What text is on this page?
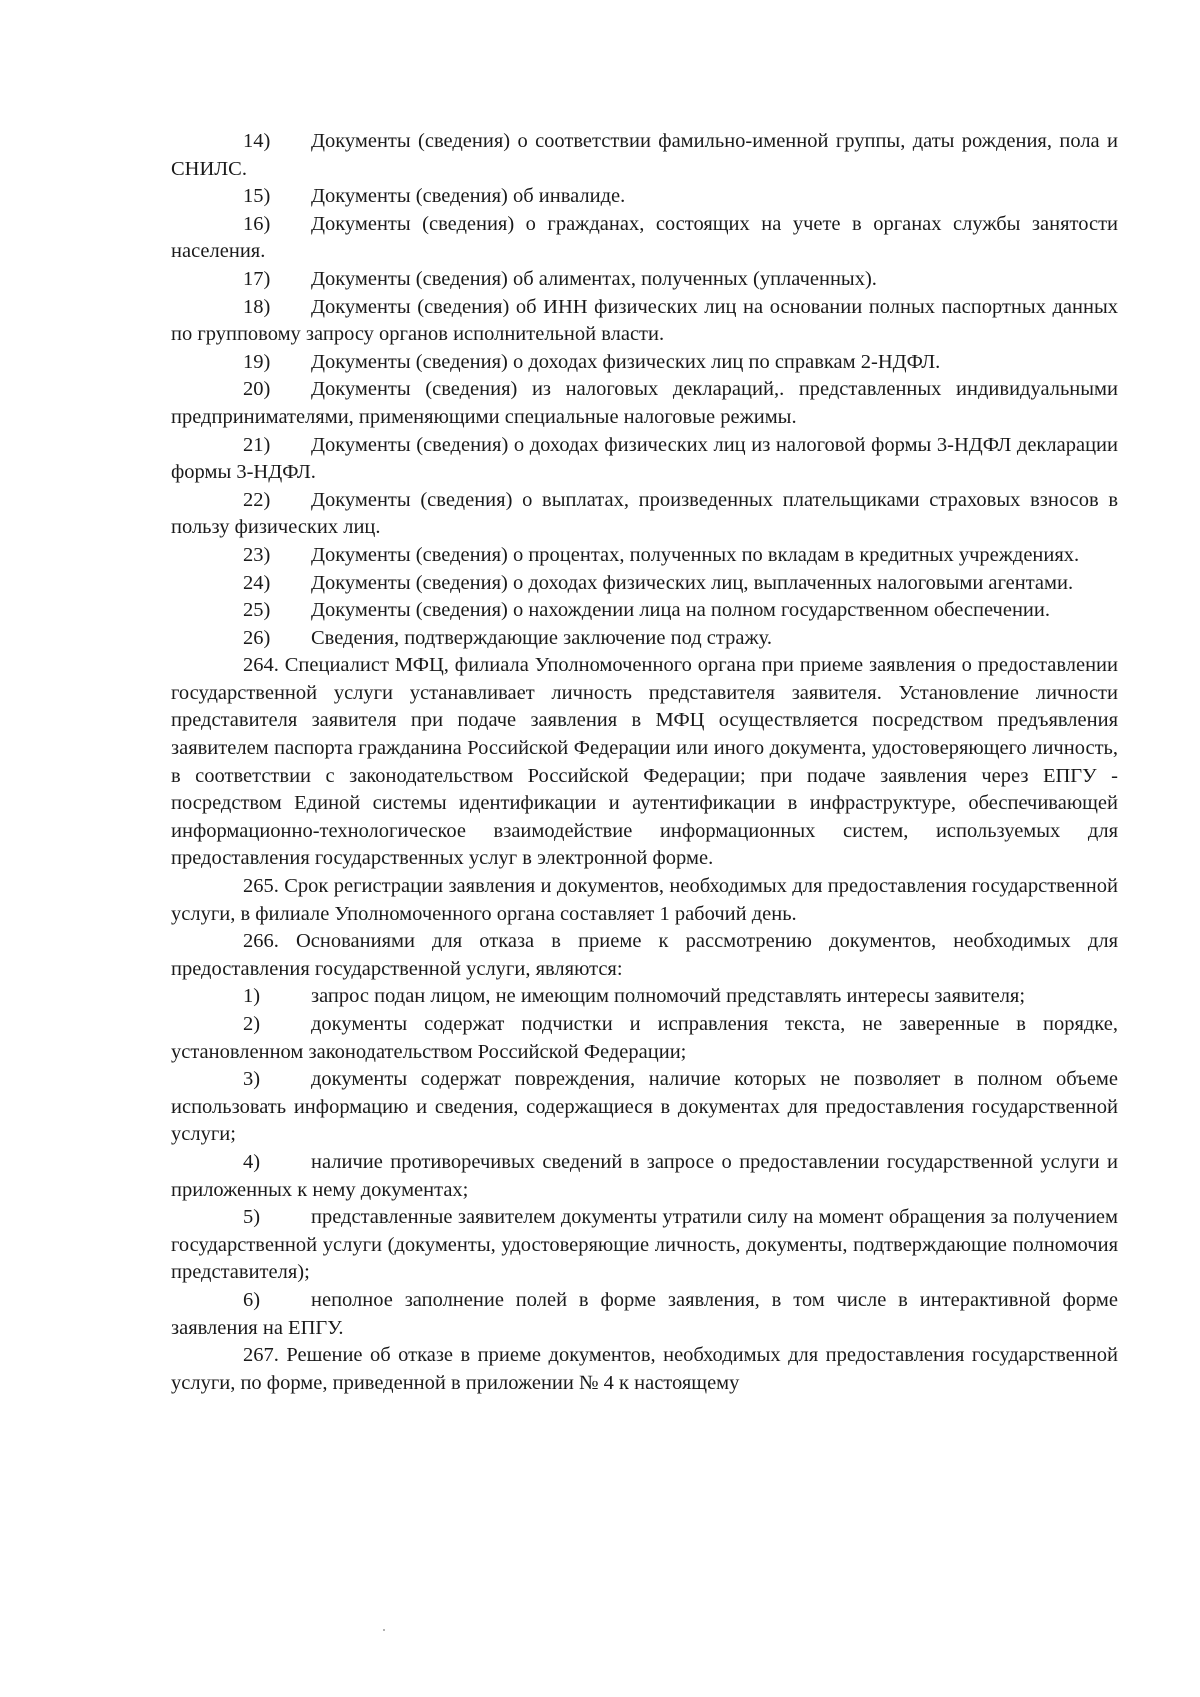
14) Документы (сведения) о соответствии фамильно-именной группы, даты рождения, пола и СНИЛС.

15) Документы (сведения) об инвалиде.

16) Документы (сведения) о гражданах, состоящих на учете в органах службы занятости населения.

17) Документы (сведения) об алиментах, полученных (уплаченных).

18) Документы (сведения) об ИНН физических лиц на основании полных паспортных данных по групповому запросу органов исполнительной власти.

19) Документы (сведения) о доходах физических лиц по справкам 2-НДФЛ.

20) Документы (сведения) из налоговых деклараций,. представленных индивидуальными предпринимателями, применяющими специальные налоговые режимы.

21) Документы (сведения) о доходах физических лиц из налоговой формы 3-НДФЛ декларации формы 3-НДФЛ.

22) Документы (сведения) о выплатах, произведенных плательщиками страховых взносов в пользу физических лиц.

23) Документы (сведения) о процентах, полученных по вкладам в кредитных учреждениях.

24) Документы (сведения) о доходах физических лиц, выплаченных налоговыми агентами.

25) Документы (сведения) о нахождении лица на полном государственном обеспечении.

26) Сведения, подтверждающие заключение под стражу.

264. Специалист МФЦ, филиала Уполномоченного органа при приеме заявления о предоставлении государственной услуги устанавливает личность представителя заявителя. Установление личности представителя заявителя при подаче заявления в МФЦ осуществляется посредством предъявления заявителем паспорта гражданина Российской Федерации или иного документа, удостоверяющего личность, в соответствии с законодательством Российской Федерации; при подаче заявления через ЕПГУ - посредством Единой системы идентификации и аутентификации в инфраструктуре, обеспечивающей информационно-технологическое взаимодействие информационных систем, используемых для предоставления государственных услуг в электронной форме.

265. Срок регистрации заявления и документов, необходимых для предоставления государственной услуги, в филиале Уполномоченного органа составляет 1 рабочий день.

266. Основаниями для отказа в приеме к рассмотрению документов, необходимых для предоставления государственной услуги, являются:

1) запрос подан лицом, не имеющим полномочий представлять интересы заявителя;

2) документы содержат подчистки и исправления текста, не заверенные в порядке, установленном законодательством Российской Федерации;

3) документы содержат повреждения, наличие которых не позволяет в полном объеме использовать информацию и сведения, содержащиеся в документах для предоставления государственной услуги;

4) наличие противоречивых сведений в запросе о предоставлении государственной услуги и приложенных к нему документах;

5) представленные заявителем документы утратили силу на момент обращения за получением государственной услуги (документы, удостоверяющие личность, документы, подтверждающие полномочия представителя);

6) неполное заполнение полей в форме заявления, в том числе в интерактивной форме заявления на ЕПГУ.

267. Решение об отказе в приеме документов, необходимых для предоставления государственной услуги, по форме, приведенной в приложении № 4 к настоящему
